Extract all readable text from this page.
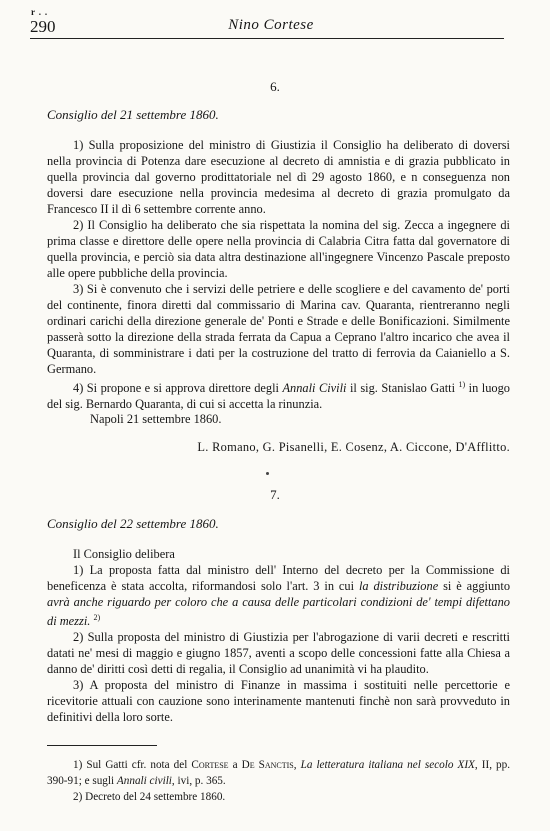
r . .
290	Nino Cortese
6.
Consiglio del 21 settembre 1860.

1) Sulla proposizione del ministro di Giustizia il Consiglio ha deliberato di doversi nella provincia di Potenza dare esecuzione al decreto di amnistia e di grazia pubblicato in quella provincia dal governo prodittatoriale nel dì 29 agosto 1860, e n conseguenza non doversi dare esecuzione nella provincia medesima al decreto di grazia promulgato da Francesco II il dì 6 settembre corrente anno.

2) Il Consiglio ha deliberato che sia rispettata la nomina del sig. Zecca a ingegnere di prima classe e direttore delle opere nella provincia di Calabria Citra fatta dal governatore di quella provincia, e perciò sia data altra destinazione all'ingegnere Vincenzo Pascale preposto alle opere pubbliche della provincia.

3) Si è convenuto che i servizi delle petriere e delle scogliere e del cavamento de' porti del continente, finora diretti dal commissario di Marina cav. Quaranta, rientreranno negli ordinari carichi della direzione generale de' Ponti e Strade e delle Bonificazioni. Similmente passerà sotto la direzione della strada ferrata da Capua a Ceprano l'altro incarico che avea il Quaranta, di somministrare i dati per la costruzione del tratto di ferrovia da Caianiello a S. Germano.

4) Si propone e si approva direttore degli Annali Civili il sig. Stanislao Gatti $^{1)}$ in luogo del sig. Bernardo Quaranta, di cui si accetta la rinunzia.

Napoli 21 settembre 1860.
L. Romano, G. Pisanelli, E. Cosenz, A. Ciccone, D'Afflitto.
7.
Consiglio del 22 settembre 1860.

Il Consiglio delibera

1) La proposta fatta dal ministro dell' Interno del decreto per la Commissione di beneficenza è stata accolta, riformandosi solo l'art. 3 in cui la distribuzione si è aggiunto avrà anche riguardo per coloro che a causa delle particolari condizioni de' tempi difettano di mezzi. $^{2)}$

2) Sulla proposta del ministro di Giustizia per l'abrogazione di varii decreti e rescritti datati ne' mesi di maggio e giugno 1857, aventi a scopo delle concessioni fatte alla Chiesa a danno de' diritti così detti di regalia, il Consiglio ad unanimità vi ha plaudito.

3) A proposta del ministro di Finanze in massima i sostituiti nelle percettorie e ricevitorie attuali con cauzione sono interinamente mantenuti finchè non sarà provveduto in definitivi della loro sorte.

1) Sul Gatti cfr. nota del Cortese a De Sanctis, La letteratura italiana nel secolo XIX, II, pp. 390-91; e sugli Annali civili, ivi, p. 365.

2) Decreto del 24 settembre 1860.
